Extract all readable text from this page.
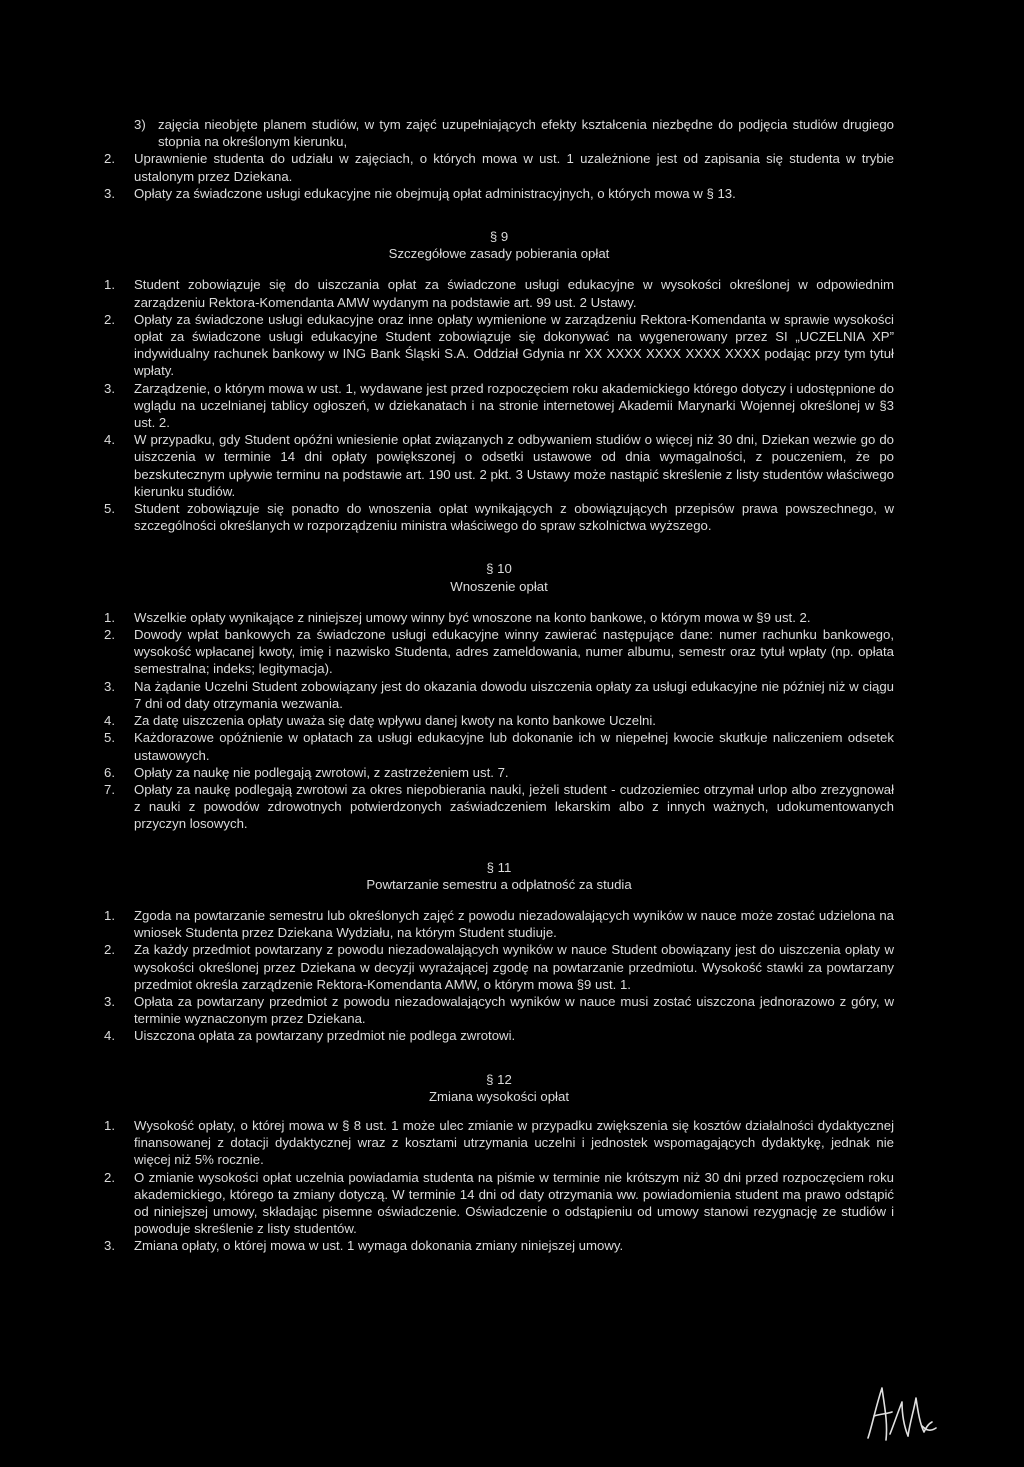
3) zajęcia nieobjęte planem studiów, w tym zajęć uzupełniających efekty kształcenia niezbędne do podjęcia studiów drugiego stopnia na określonym kierunku,
2.	Uprawnienie studenta do udziału w zajęciach, o których mowa w ust. 1 uzależnione jest od zapisania się studenta w trybie ustalonym przez Dziekana.
3.	Opłaty za świadczone usługi edukacyjne nie obejmują opłat administracyjnych, o których mowa w § 13.

§ 9

Szczegółowe zasady pobierania opłat

1.	Student zobowiązuje się do uiszczania opłat za świadczone usługi edukacyjne w wysokości określonej w odpowiednim zarządzeniu Rektora-Komendanta AMW wydanym na podstawie art. 99 ust. 2 Ustawy.
2.	Opłaty za świadczone usługi edukacyjne oraz inne opłaty wymienione w zarządzeniu Rektora-Komendanta w sprawie wysokości opłat za świadczone usługi edukacyjne Student zobowiązuje się dokonywać na wygenerowany przez SI „UCZELNIA XP” indywidualny rachunek bankowy w ING Bank Śląski S.A. Oddział Gdynia nr XX XXXX XXXX XXXX XXXX podając przy tym tytuł wpłaty.
3.	Zarządzenie, o którym mowa w ust. 1, wydawane jest przed rozpoczęciem roku akademickiego którego dotyczy i udostępnione do wglądu na uczelnianej tablicy ogłoszeń, w dziekanatach i na stronie internetowej Akademii Marynarki Wojennej określonej w §3 ust. 2.
4.	W przypadku, gdy Student opóźni wniesienie opłat związanych z odbywaniem studiów o więcej niż 30 dni, Dziekan wezwie go do uiszczenia w terminie 14 dni opłaty powiększonej o odsetki ustawowe od dnia wymagalności, z pouczeniem, że po bezskutecznym upływie terminu na podstawie art. 190 ust. 2 pkt. 3 Ustawy może nastąpić skreślenie z listy studentów właściwego kierunku studiów.
5.	Student zobowiązuje się ponadto do wnoszenia opłat wynikających z obowiązujących przepisów prawa powszechnego, w szczególności określanych w rozporządzeniu ministra właściwego do spraw szkolnictwa wyższego.

§ 10

Wnoszenie opłat

1.	Wszelkie opłaty wynikające z niniejszej umowy winny być wnoszone na konto bankowe, o którym mowa w §9 ust. 2.
2.	Dowody wpłat bankowych za świadczone usługi edukacyjne winny zawierać następujące dane: numer rachunku bankowego, wysokość wpłacanej kwoty, imię i nazwisko Studenta, adres zameldowania, numer albumu, semestr oraz tytuł wpłaty (np. opłata semestralna; indeks; legitymacja).
3.	Na żądanie Uczelni Student zobowiązany jest do okazania dowodu uiszczenia opłaty za usługi edukacyjne nie później niż w ciągu 7 dni od daty otrzymania wezwania.
4.	Za datę uiszczenia opłaty uważa się datę wpływu danej kwoty na konto bankowe Uczelni.
5.	Każdorazowe opóźnienie w opłatach za usługi edukacyjne lub dokonanie ich w niepełnej kwocie skutkuje naliczeniem odsetek ustawowych.
6.	Opłaty za naukę nie podlegają zwrotowi, z zastrzeżeniem ust. 7.
7.	Opłaty za naukę podlegają zwrotowi za okres niepobierania nauki, jeżeli student - cudzoziemiec otrzymał urlop albo zrezygnował z nauki z powodów zdrowotnych potwierdzonych zaświadczeniem lekarskim albo z innych ważnych, udokumentowanych przyczyn losowych.

§ 11

Powtarzanie semestru a odpłatność za studia

1.	Zgoda na powtarzanie semestru lub określonych zajęć z powodu niezadowalających wyników w nauce może zostać udzielona na wniosek Studenta przez Dziekana Wydziału, na którym Student studiuje.
2.	Za każdy przedmiot powtarzany z powodu niezadowalających wyników w nauce Student obowiązany jest do uiszczenia opłaty w wysokości określonej przez Dziekana w decyzji wyrażającej zgodę na powtarzanie przedmiotu. Wysokość stawki za powtarzany przedmiot określa zarządzenie Rektora-Komendanta AMW, o którym mowa §9 ust. 1.
3.	Opłata za powtarzany przedmiot z powodu niezadowalających wyników w nauce musi zostać uiszczona jednorazowo z góry, w terminie wyznaczonym przez Dziekana.
4.	Uiszczona opłata za powtarzany przedmiot nie podlega zwrotowi.

§ 12

Zmiana wysokości opłat

1.	Wysokość opłaty, o której mowa w § 8 ust. 1 może ulec zmianie w przypadku zwiększenia się kosztów działalności dydaktycznej finansowanej z dotacji dydaktycznej wraz z kosztami utrzymania uczelni i jednostek wspomagających dydaktykę, jednak nie więcej niż 5% rocznie.
2.	O zmianie wysokości opłat uczelnia powiadamia studenta na piśmie w terminie nie krótszym niż 30 dni przed rozpoczęciem roku akademickiego, którego ta zmiany dotyczą. W terminie 14 dni od daty otrzymania ww. powiadomienia student ma prawo odstąpić od niniejszej umowy, składając pisemne oświadczenie. Oświadczenie o odstąpieniu od umowy stanowi rezygnację ze studiów i powoduje skreślenie z listy studentów.
3.	Zmiana opłaty, o której mowa w ust. 1 wymaga dokonania zmiany niniejszej umowy.
